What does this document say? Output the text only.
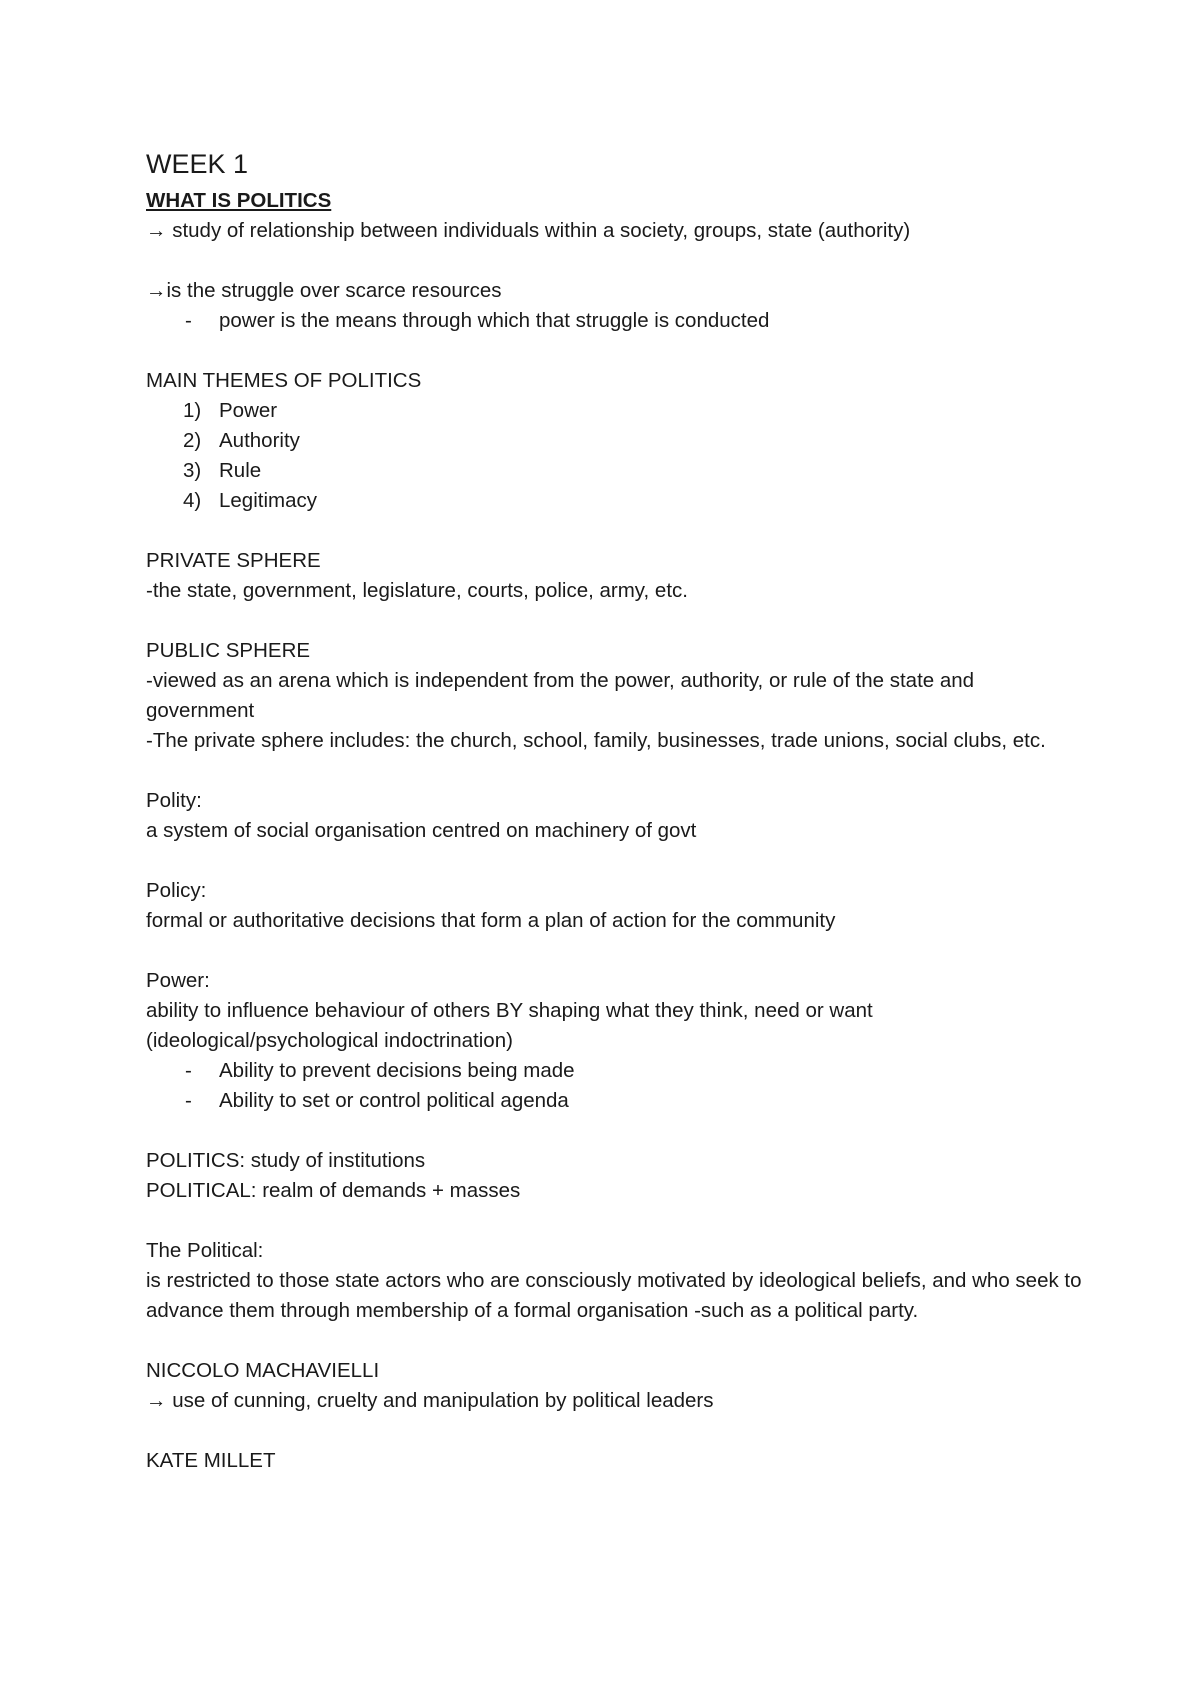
WEEK 1

WHAT IS POLITICS

→ study of relationship between individuals within a society, groups, state (authority)

→is the struggle over scarce resources

- power is the means through which that struggle is conducted

MAIN THEMES OF POLITICS

1) Power
2) Authority
3) Rule
4) Legitimacy

PRIVATE SPHERE

-the state, government, legislature, courts, police, army, etc.

PUBLIC SPHERE

-viewed as an arena which is independent from the power, authority, or rule of the state and government

-The private sphere includes: the church, school, family, businesses, trade unions, social clubs, etc.

Polity:

a system of social organisation centred on machinery of govt

Policy:

formal or authoritative decisions that form a plan of action for the community

Power:

ability to influence behaviour of others BY shaping what they think, need or want (ideological/psychological indoctrination)

- Ability to prevent decisions being made
- Ability to set or control political agenda

POLITICS: study of institutions

POLITICAL: realm of demands + masses

The Political:

is restricted to those state actors who are consciously motivated by ideological beliefs, and who seek to advance them through membership of a formal organisation -such as a political party.

NICCOLO MACHAVIELLI

→ use of cunning, cruelty and manipulation by political leaders

KATE MILLET
